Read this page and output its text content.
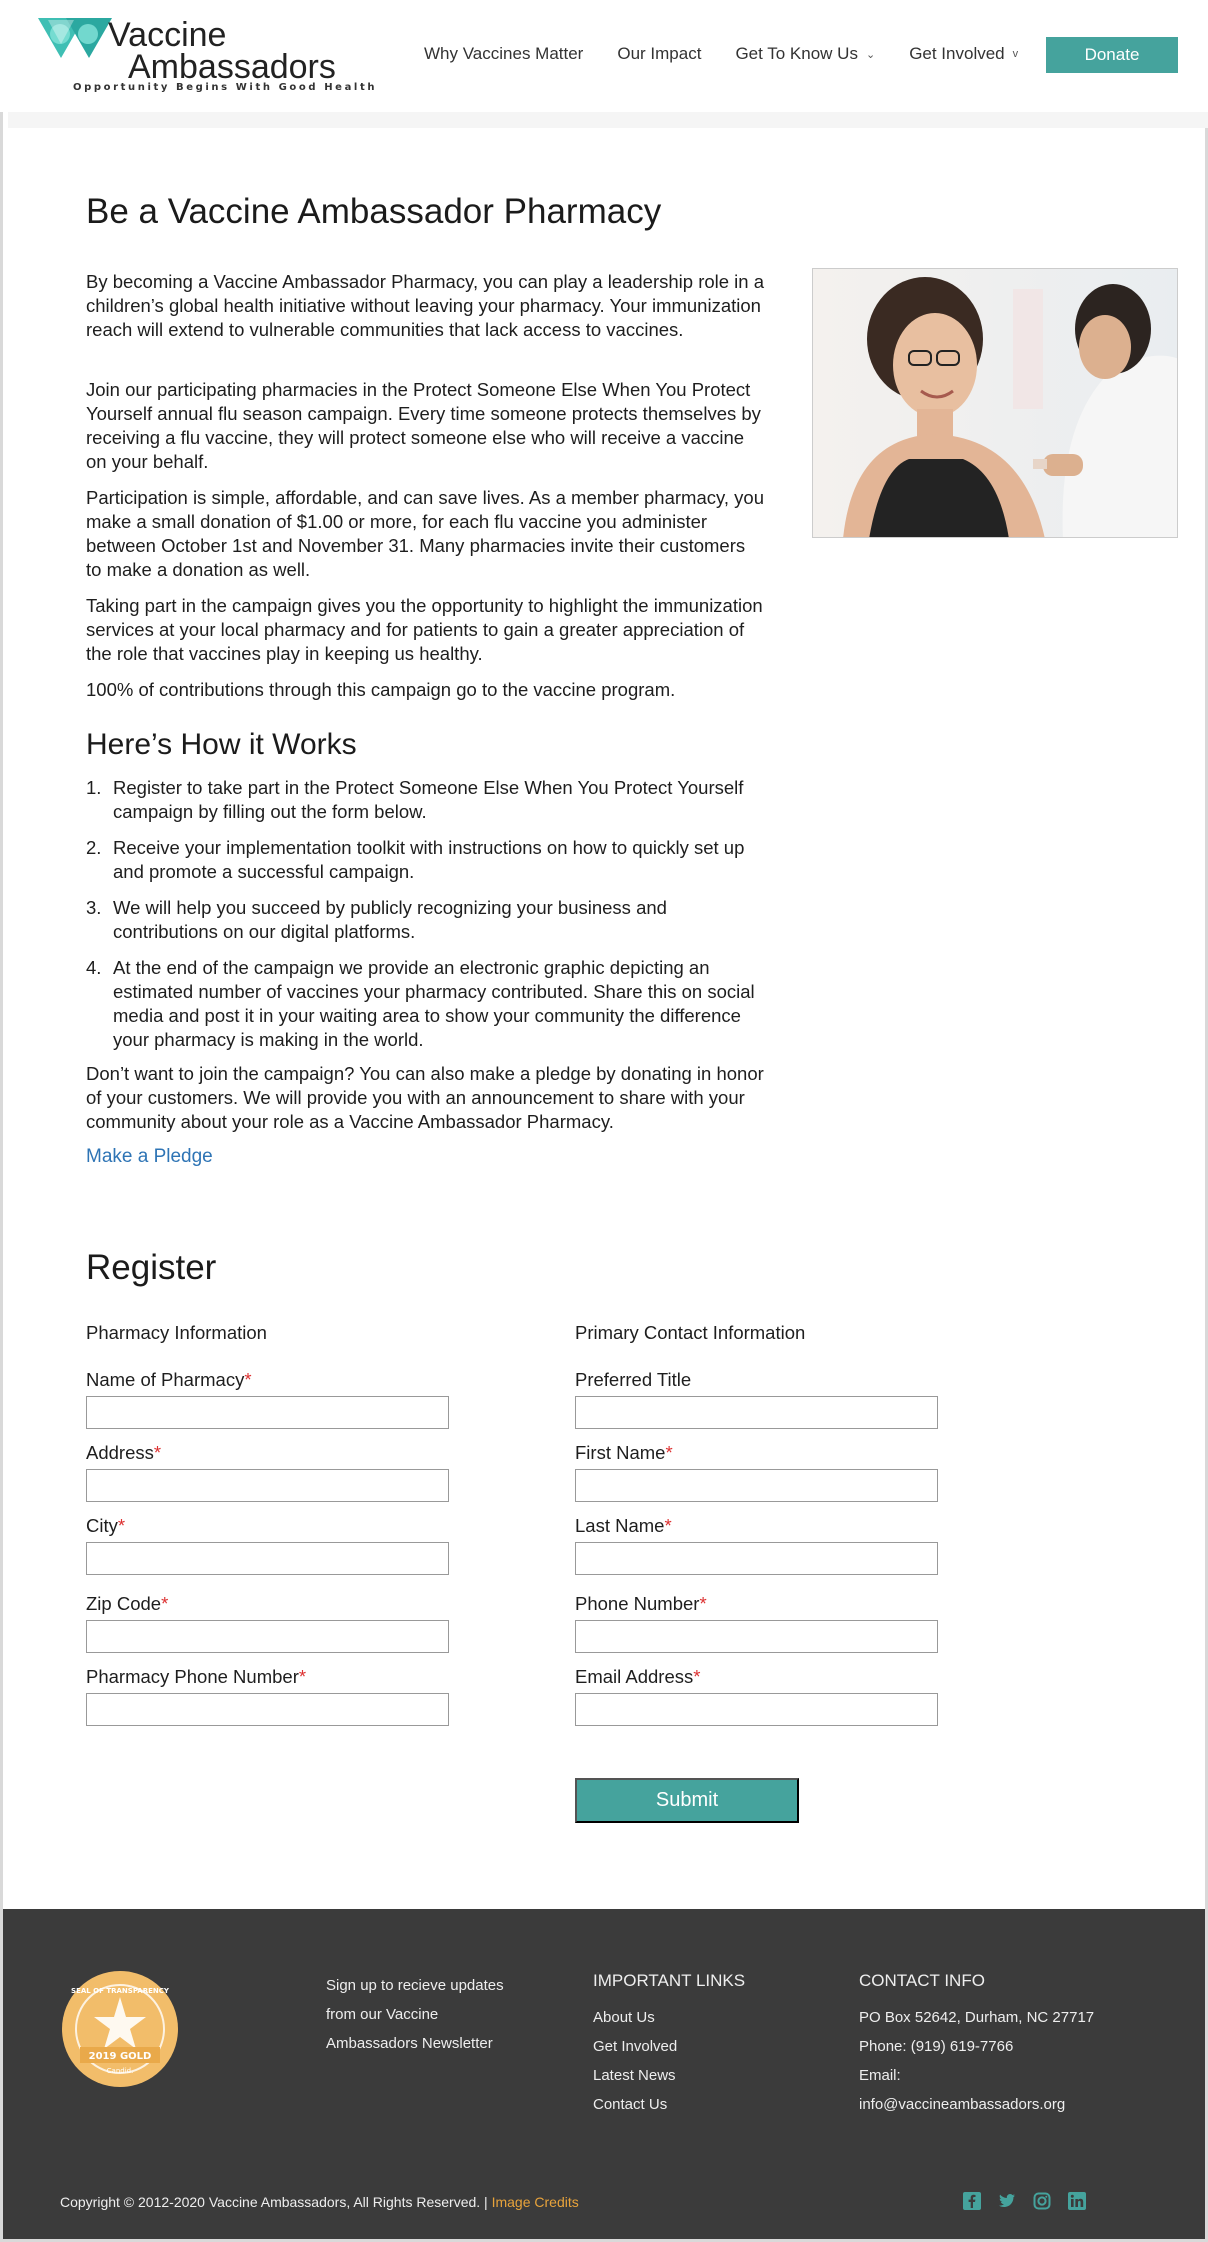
Vaccine
Ambassadors
Opportunity Begins With Good Health
Why Vaccines Matter Our Impact Get To Know Us ⌄ Get Involved v	Donate
Be a Vaccine Ambassador Pharmacy

By becoming a Vaccine Ambassador Pharmacy, you can play a leadership role in a children’s global health initiative without leaving your pharmacy. Your immunization reach will extend to vulnerable communities that lack access to vaccines.

Join our participating pharmacies in the Protect Someone Else When You Protect Yourself annual flu season campaign. Every time someone protects themselves by receiving a flu vaccine, they will protect someone else who will receive a vaccine on your behalf.

Participation is simple, affordable, and can save lives. As a member pharmacy, you make a small donation of $1.00 or more, for each flu vaccine you administer between October 1st and November 31. Many pharmacies invite their customers to make a donation as well.

Taking part in the campaign gives you the opportunity to highlight the immunization services at your local pharmacy and for patients to gain a greater appreciation of the role that vaccines play in keeping us healthy.

100% of contributions through this campaign go to the vaccine program.

Here’s How it Works
1. Register to take part in the Protect Someone Else When You Protect Yourself campaign by filling out the form below.
2. Receive your implementation toolkit with instructions on how to quickly set up and promote a successful campaign.
3. We will help you succeed by publicly recognizing your business and contributions on our digital platforms.
4. At the end of the campaign we provide an electronic graphic depicting an estimated number of vaccines your pharmacy contributed. Share this on social media and post it in your waiting area to show your community the difference your pharmacy is making in the world.

Don’t want to join the campaign? You can also make a pledge by donating in honor of your customers. We will provide you with an announcement to share with your community about your role as a Vaccine Ambassador Pharmacy.

Make a Pledge
Register
Pharmacy Information	Primary Contact Information
Name of Pharmacy*
Address*
City*
Zip Code*
Pharmacy Phone Number*
Preferred Title
First Name*
Last Name*
Phone Number*
Email Address*
Submit
2019 GOLD
Candid.
SEAL OF TRANSPARENCY	Sign up to recieve updates from our Vaccine Ambassadors Newsletter

IMPORTANT LINKS
About Us
Get Involved
Latest News
Contact Us
CONTACT INFO
PO Box 52642, Durham, NC 27717
Phone: (919) 619-7766
Email:
info@vaccineambassadors.org
Copyright © 2012-2020 Vaccine Ambassadors, All Rights Reserved. | Image Credits
